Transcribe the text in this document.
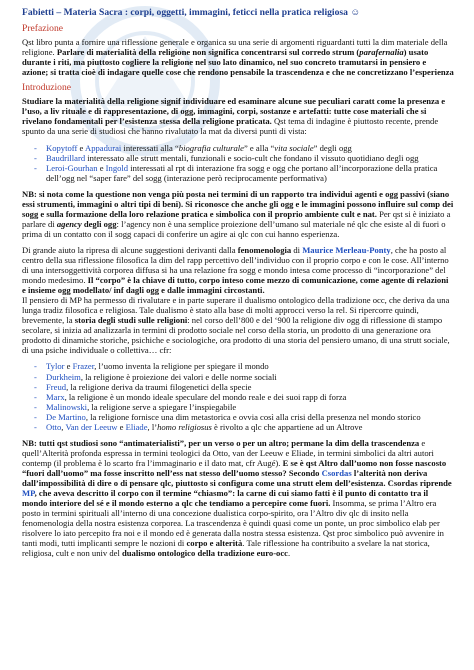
Fabietti – Materia Sacra : corpi, oggetti, immagini, feticci nella pratica religiosa ☺
Prefazione

Qst libro punta a fornire una riflessione generale e organica su una serie di argomenti riguardanti tutti la dim materiale della religione. Parlare di materialità della religione non significa concentrarsi sul corredo strum (parafernalia) usato durante i riti, ma piuttosto cogliere la religione nel suo lato dinamico, nel suo concreto tramutarsi in pensiero e azione; si tratta cioè di indagare quelle cose che rendono pensabile la trascendenza e che ne concretizzano l’esperienza

Introduzione

Studiare la materialità della religione signif individuare ed esaminare alcune sue peculiari caratt come la presenza e l’uso, a liv rituale e di rappresentazione, di ogg, immagini, corpi, sostanze e artefatti: tutte cose materiali che si rivelano fondamentali per l’esistenza stessa della religione praticata. Qst tema di indagine è piuttosto recente, prende spunto da una serie di studiosi che hanno rivalutato la mat da diversi punti di vista:

- Kopytoff e Appadurai interessati alla “biografia culturale” e alla “vita sociale” degli ogg
- Baudrillard interessato alle strutt mentali, funzionali e socio-cult che fondano il vissuto quotidiano degli ogg
- Leroi-Gourhan e Ingold interessati al rpt di interazione fra sogg e ogg che portano all’incorporazione della pratica dell’ogg nel “saper fare” del sogg (interazione però reciprocamente performativa)

NB: si nota come la questione non venga più posta nei termini di un rapporto tra individui agenti e ogg passivi (siano essi strumenti, immagini o altri tipi di beni). Si riconosce che anche gli ogg e le immagini possono influire sul comp dei sogg e sulla formazione della loro relazione pratica e simbolica con il proprio ambiente cult e nat. Per qst si è iniziato a parlare di agency degli ogg: l’agency non è una semplice proiezione dell’umano sul materiale né qlc che esiste al di fuori o prima di un contatto con il sogg capaci di conferire un agire ai qlc con cui hanno esperienza.

Di grande aiuto la ripresa di alcune suggestioni derivanti dalla fenomenologia di Maurice Merleau-Ponty, che ha posto al centro della sua riflessione filosofica la dim del rapp percettivo dell’individuo con il proprio corpo e con le cose. All’interno di una intersoggettività corporea diffusa si ha una relazione fra sogg e mondo intesa come processo di “incorporazione” del mondo medesimo. Il “corpo” è la chiave di tutto, corpo inteso come mezzo di comunicazione, come agente di relazioni e insieme ogg modellato/ inf dagli ogg e dalle immagini circostanti.
Il pensiero di MP ha permesso di rivalutare e in parte superare il dualismo ontologico della tradizione occ, che deriva da una lunga tradiz filosofica e religiosa. Tale dualismo è stato alla base di molti approcci verso la rel. Si ripercorre quindi, brevemente, la storia degli studi sulle religioni: nel corso dell’800 e del ‘900 la religione div ogg di riflessione di stampo secolare, si inizia ad analizzarla in termini di prodotto sociale nel corso della storia, un prodotto di una generazione ora prodotto di dinamiche storiche, psichiche e sociologiche, ora prodotto di una storia del pensiero umano, di una strutt sociale, di una psiche individuale o collettiva… cfr:

- Tylor e Frazer, l’uomo inventa la religione per spiegare il mondo
- Durkheim, la religione è proiezione dei valori e delle norme sociali
- Freud, la religione deriva da traumi filogenetici della specie
- Marx, la religione è un mondo ideale speculare del mondo reale e dei suoi rapp di forza
- Malinowski, la religione serve a spiegare l’inspiegabile
- De Martino, la religione fornisce una dim metastorica e ovvia così alla crisi della presenza nel mondo storico
- Otto, Van der Leeuw e Eliade, l’homo religiosus è rivolto a qlc che appartiene ad un Altrove

NB: tutti qst studiosi sono “antimaterialisti”, per un verso o per un altro; permane la dim della trascendenza e quell’Alterità profonda espressa in termini teologici da Otto, van der Leeuw e Eliade, in termini simbolici da altri autori contemp (il problema è lo scarto fra l’immaginario e il dato mat, cfr Augé). E se è qst Altro dall’uomo non fosse nascosto “fuori dall’uomo” ma fosse inscritto nell’ess nat stesso dell’uomo stesso? Secondo Csordas l’alterità non deriva dall’impossibilità di dire o di pensare qlc, piuttosto si configura come una strutt elem dell’esistenza. Csordas riprende MP, che aveva descritto il corpo con il termine “chiasmo”: la carne di cui siamo fatti è il punto di contatto tra il mondo interiore del sé e il mondo esterno a qlc che tendiamo a percepire come fuori. Insomma, se prima l’Altro era posto in termini spirituali all’interno di una concezione dualistica corpo-spirito, ora l’Altro div qlc di insito nella fenomenologia della nostra esistenza corporea. La trascendenza è quindi quasi come un ponte, un proc simbolico elab per risolvere lo iato percepito fra noi e il mondo ed è generata dalla nostra stessa esistenza. Qst proc simbolico può avvenire in tanti modi, tutti implicanti sempre le nozioni di corpo e alterità. Tale riflessione ha contribuito a svelare la nat storica, religiosa, cult e non univ del dualismo ontologico della tradizione euro-occ.
